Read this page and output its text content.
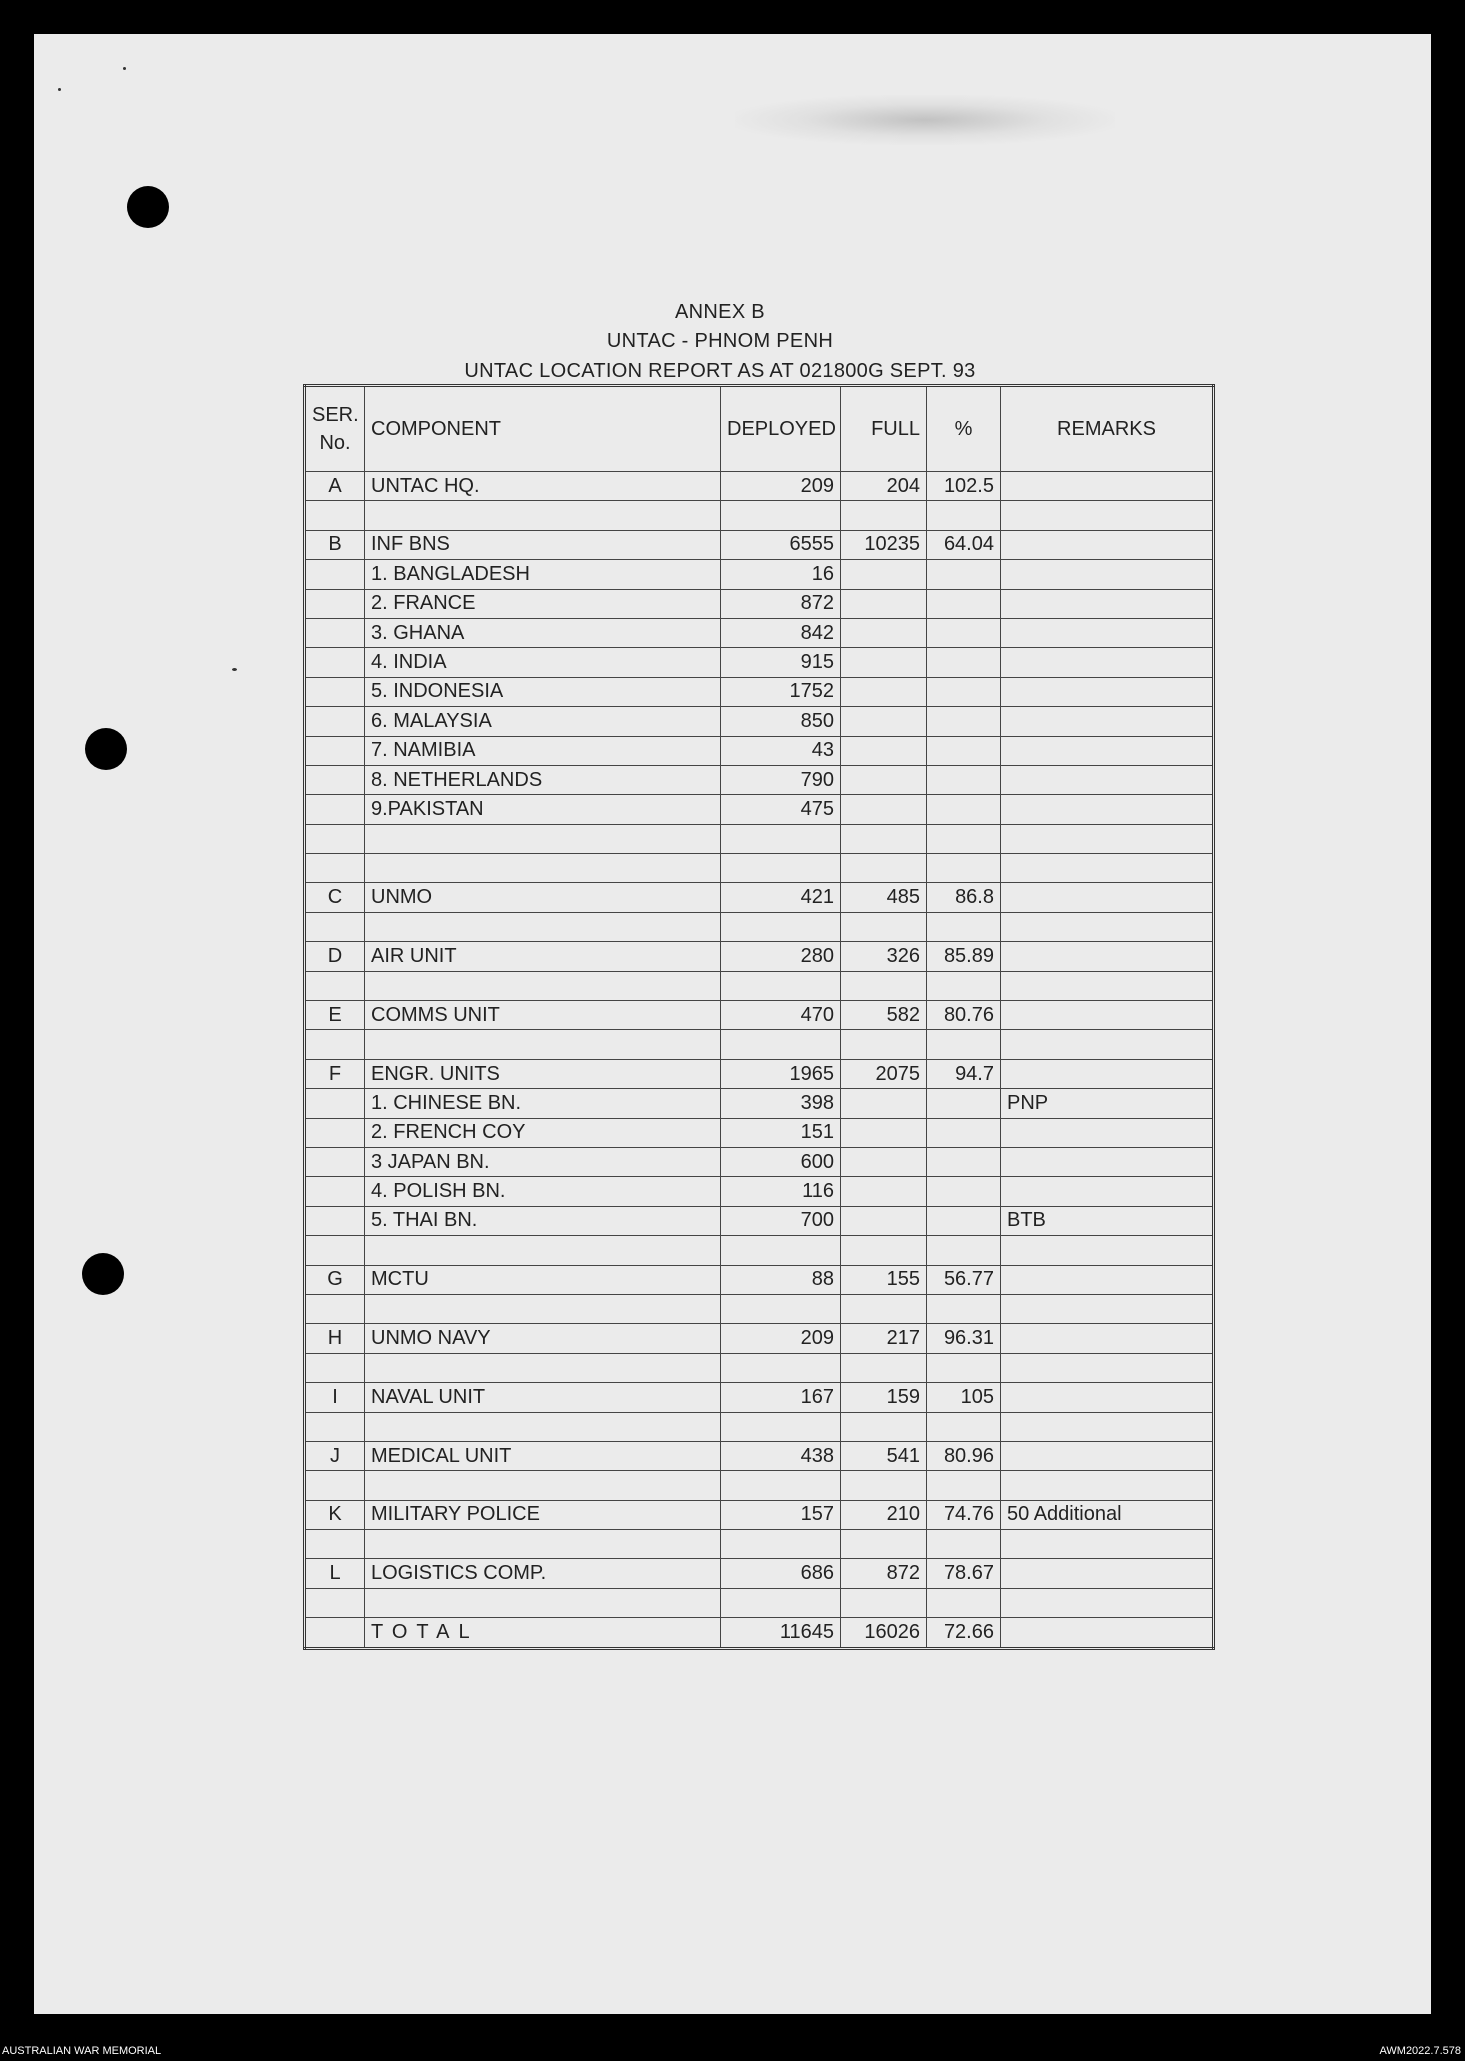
ANNEX B
UNTAC - PHNOM PENH
UNTAC LOCATION REPORT AS AT 021800G SEPT. 93
SER.
No.	COMPONENT	DEPLOYED	FULL	%	REMARKS
A	UNTAC HQ.	209	204	102.5	

B	INF BNS	6555	10235	64.04	
	1. BANGLADESH	16			
	2. FRANCE	872			
	3. GHANA	842			
	4. INDIA	915			
	5. INDONESIA	1752			
	6. MALAYSIA	850			
	7. NAMIBIA	43			
	8. NETHERLANDS	790			
	9.PAKISTAN	475			

C	UNMO	421	485	86.8	

D	AIR UNIT	280	326	85.89	

E	COMMS UNIT	470	582	80.76	

F	ENGR. UNITS	1965	2075	94.7	
	1. CHINESE BN.	398			PNP
	2. FRENCH COY	151			
	3 JAPAN BN.	600			
	4. POLISH BN.	116			
	5. THAI BN.	700			BTB

G	MCTU	88	155	56.77	

H	UNMO NAVY	209	217	96.31	

I	NAVAL UNIT	167	159	105	

J	MEDICAL UNIT	438	541	80.96	

K	MILITARY POLICE	157	210	74.76	50 Additional

L	LOGISTICS COMP.	686	872	78.67	

	TOTAL	11645	16026	72.66	
AUSTRALIAN WAR MEMORIAL	AWM2022.7.578
